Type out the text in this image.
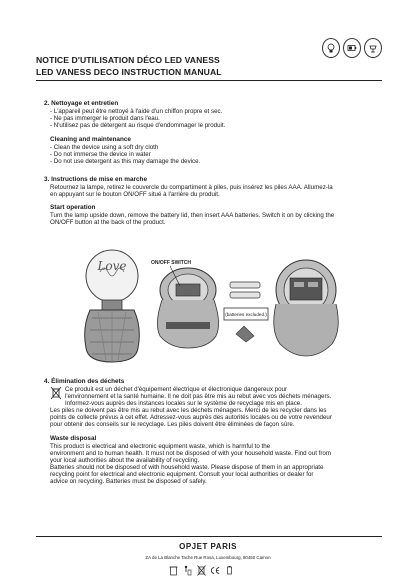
NOTICE D'UTILISATION DÉCO LED VANESS
LED VANESS DECO INSTRUCTION MANUAL
2. Nettoyage et entretien
- L'appareil peut être nettoyé à l'aide d'un chiffon propre et sec.
- Ne pas immerger le produit dans l'eau.
- N'utilisez pas de détergent au risque d'endommager le produit.
Cleaning and maintenance
- Clean the device using a soft dry cloth
- Do not immerse the device in water
- Do not use detergent as this may damage the device.
3. Instructions de mise en marche
Retournez la lampe, retirez le couvercle du compartiment à piles, puis insérez les piles AAA. Allumez-la
en appuyant sur le bouton ON/OFF situé à l'arrière du produit.
Start operation
Turn the lamp upside down, remove the battery lid, then insert AAA batteries. Switch it on by clicking the
ON/OFF button at the back of the product.
Love	ON/OFF SWITCH
(batteries excluded.)
4. Élimination des déchets
Ce produit est un déchet d'équipement électrique et électronique dangereux pour
l'environnement et la santé humaine. Il ne doit pas être mis au rebut avec vos déchets ménagers.
Informez-vous auprès des instances locales sur le système de recyclage mis en place.
Les piles ne doivent pas être mis au rebut avec les déchets ménagers. Merci de les recycler dans les
points de collecte prévus à cet effet. Adressez-vous auprès des autorités locales ou de votre revendeur
pour obtenir des conseils sur le recyclage. Les piles doivent être éliminées de façon sûre.
Waste disposal
This product is electrical and electronic equipment waste, which is harmful to the
environment and to human health. It must not be disposed of with your household waste. Find out from
your local authorities about the availability of recycling.
Batteries should not be disposed of with household waste. Please dispose of them in an appropriate
recycling point for electrical and electronic equipment. Consult your local authorities or dealer for
advice on recycling. Batteries must be disposed of safely.
OPJET PARIS
ZA de La Blanche Tache Rue Rosa, Luxembourg, 80450 Camon
